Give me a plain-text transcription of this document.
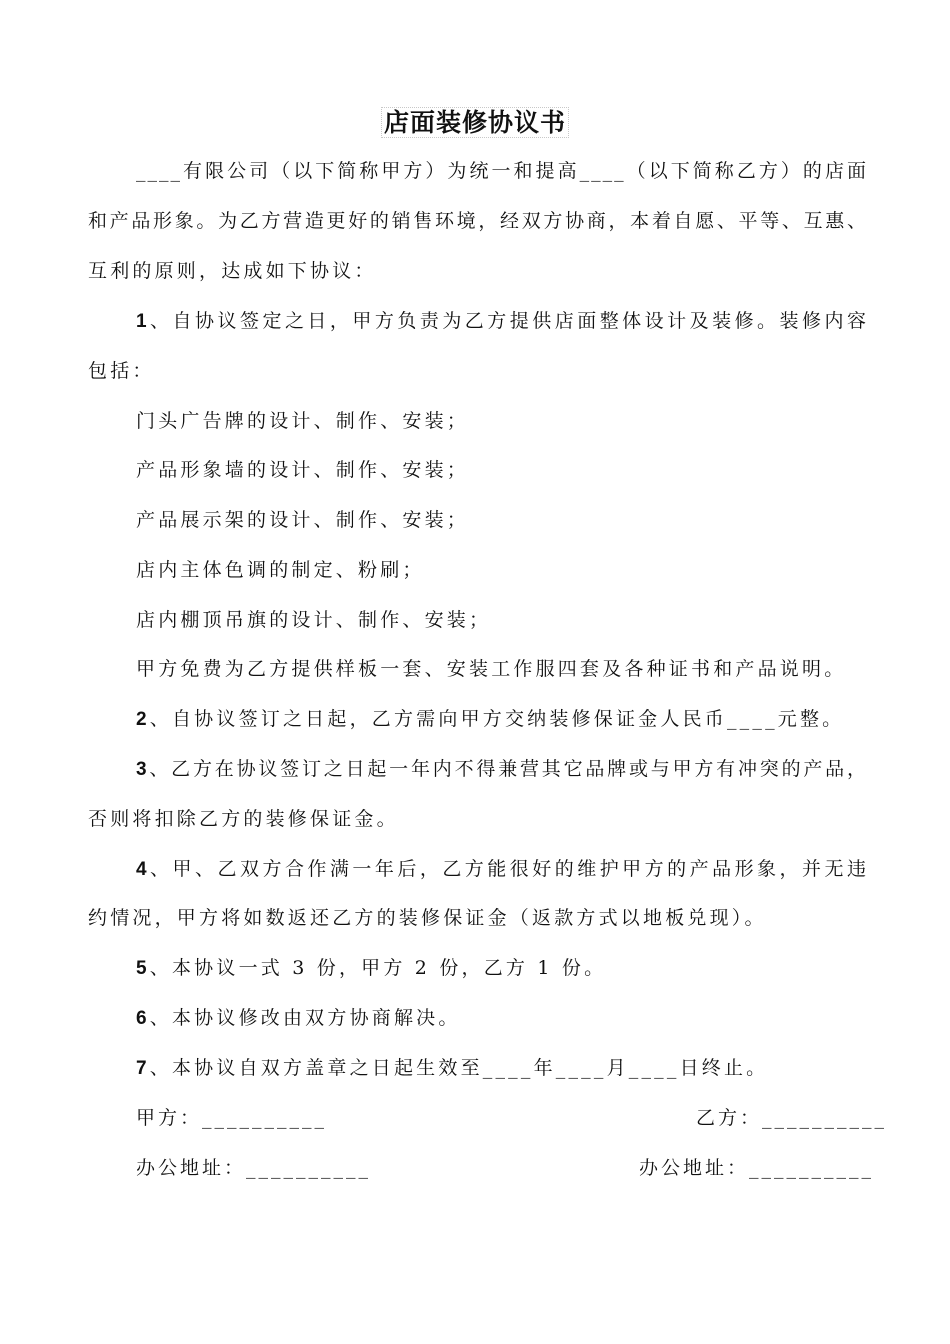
店面装修协议书
____有限公司（以下简称甲方）为统一和提高____（以下简称乙方）的店面
和产品形象。为乙方营造更好的销售环境，经双方协商，本着自愿、平等、互惠、
互利的原则，达成如下协议：
1、自协议签定之日，甲方负责为乙方提供店面整体设计及装修。装修内容
包括：
门头广告牌的设计、制作、安装；
产品形象墙的设计、制作、安装；
产品展示架的设计、制作、安装；
店内主体色调的制定、粉刷；
店内棚顶吊旗的设计、制作、安装；
甲方免费为乙方提供样板一套、安装工作服四套及各种证书和产品说明。
2、自协议签订之日起，乙方需向甲方交纳装修保证金人民币____元整。
3、乙方在协议签订之日起一年内不得兼营其它品牌或与甲方有冲突的产品，
否则将扣除乙方的装修保证金。
4、甲、乙双方合作满一年后，乙方能很好的维护甲方的产品形象，并无违
约情况，甲方将如数返还乙方的装修保证金（返款方式以地板兑现）。
5、本协议一式 3 份，甲方 2 份，乙方 1 份。
6、本协议修改由双方协商解决。
7、本协议自双方盖章之日起生效至____年____月____日终止。
甲方：__________	乙方：__________
办公地址：__________	办公地址：__________
